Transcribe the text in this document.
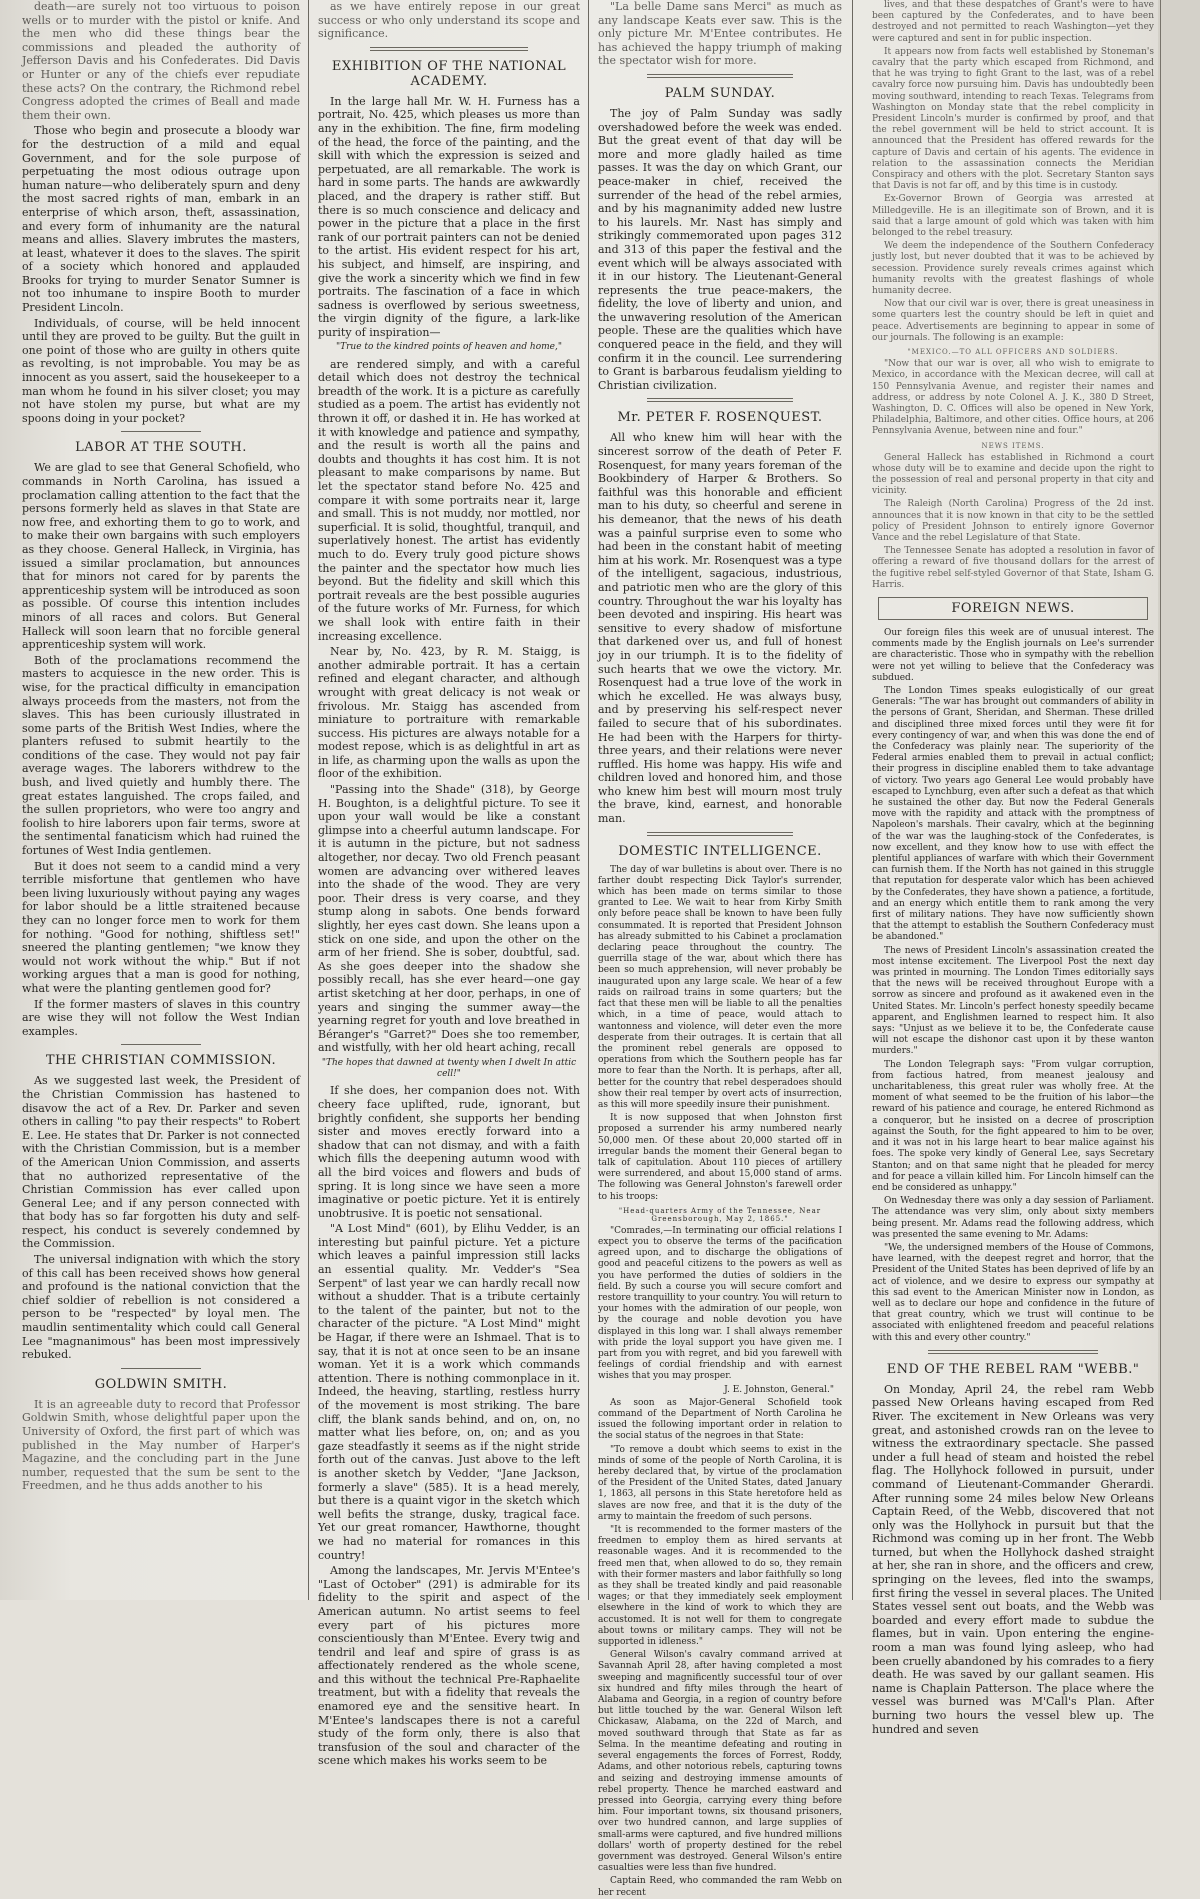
death—are surely not too virtuous to poison wells or to murder with the pistol or knife. And the men who did these things bear the commissions and pleaded the authority of Jefferson Davis and his Confederates. Did Davis or Hunter or any of the chiefs ever repudiate these acts? On the contrary, the Richmond rebel Congress adopted the crimes of Beall and made them their own.

Those who begin and prosecute a bloody war for the destruction of a mild and equal Government, and for the sole purpose of perpetuating the most odious outrage upon human nature—who deliberately spurn and deny the most sacred rights of man, embark in an enterprise of which arson, theft, assassination, and every form of inhumanity are the natural means and allies. Slavery imbrutes the masters, at least, whatever it does to the slaves. The spirit of a society which honored and applauded Brooks for trying to murder Senator Sumner is not too inhumane to inspire Booth to murder President Lincoln.

Individuals, of course, will be held innocent until they are proved to be guilty. But the guilt in one point of those who are guilty in others quite as revolting, is not improbable. You may be as innocent as you assert, said the housekeeper to a man whom he found in his silver closet; you may not have stolen my purse, but what are my spoons doing in your pocket?

LABOR AT THE SOUTH.

We are glad to see that General Schofield, who commands in North Carolina, has issued a proclamation calling attention to the fact that the persons formerly held as slaves in that State are now free, and exhorting them to go to work, and to make their own bargains with such employers as they choose. General Halleck, in Virginia, has issued a similar proclamation, but announces that for minors not cared for by parents the apprenticeship system will be introduced as soon as possible. Of course this intention includes minors of all races and colors. But General Halleck will soon learn that no forcible general apprenticeship system will work.

Both of the proclamations recommend the masters to acquiesce in the new order. This is wise, for the practical difficulty in emancipation always proceeds from the masters, not from the slaves. This has been curiously illustrated in some parts of the British West Indies, where the planters refused to submit heartily to the conditions of the case. They would not pay fair average wages. The laborers withdrew to the bush, and lived quietly and humbly there. The great estates languished. The crops failed, and the sullen proprietors, who were too angry and foolish to hire laborers upon fair terms, swore at the sentimental fanaticism which had ruined the fortunes of West India gentlemen.

But it does not seem to a candid mind a very terrible misfortune that gentlemen who have been living luxuriously without paying any wages for labor should be a little straitened because they can no longer force men to work for them for nothing. "Good for nothing, shiftless set!" sneered the planting gentlemen; "we know they would not work without the whip." But if not working argues that a man is good for nothing, what were the planting gentlemen good for?

If the former masters of slaves in this country are wise they will not follow the West Indian examples.

THE CHRISTIAN COMMISSION.

As we suggested last week, the President of the Christian Commission has hastened to disavow the act of a Rev. Dr. Parker and seven others in calling "to pay their respects" to Robert E. Lee. He states that Dr. Parker is not connected with the Christian Commission, but is a member of the American Union Commission, and asserts that no authorized representative of the Christian Commission has ever called upon General Lee; and if any person connected with that body has so far forgotten his duty and self-respect, his conduct is severely condemned by the Commission.

The universal indignation with which the story of this call has been received shows how general and profound is the national conviction that the chief soldier of rebellion is not considered a person to be "respected" by loyal men. The maudlin sentimentality which could call General Lee "magnanimous" has been most impressively rebuked.

GOLDWIN SMITH.

It is an agreeable duty to record that Professor Goldwin Smith, whose delightful paper upon the University of Oxford, the first part of which was published in the May number of Harper's Magazine, and the concluding part in the June number, requested that the sum be sent to the Freedmen, and he thus adds another to his

as we have entirely repose in our great success or who only understand its scope and significance.

EXHIBITION OF THE NATIONAL ACADEMY.

In the large hall Mr. W. H. Furness has a portrait, No. 425, which pleases us more than any in the exhibition. The fine, firm modeling of the head, the force of the painting, and the skill with which the expression is seized and perpetuated, are all remarkable. The work is hard in some parts. The hands are awkwardly placed, and the drapery is rather stiff. But there is so much conscience and delicacy and power in the picture that a place in the first rank of our portrait painters can not be denied to the artist. His evident respect for his art, his subject, and himself, are inspiring, and give the work a sincerity which we find in few portraits. The fascination of a face in which sadness is overflowed by serious sweetness, the virgin dignity of the figure, a lark-like purity of inspiration—

"True to the kindred points of heaven and home,"

are rendered simply, and with a careful detail which does not destroy the technical breadth of the work. It is a picture as carefully studied as a poem. The artist has evidently not thrown it off, or dashed it in. He has worked at it with knowledge and patience and sympathy, and the result is worth all the pains and doubts and thoughts it has cost him. It is not pleasant to make comparisons by name. But let the spectator stand before No. 425 and compare it with some portraits near it, large and small. This is not muddy, nor mottled, nor superficial. It is solid, thoughtful, tranquil, and superlatively honest. The artist has evidently much to do. Every truly good picture shows the painter and the spectator how much lies beyond. But the fidelity and skill which this portrait reveals are the best possible auguries of the future works of Mr. Furness, for which we shall look with entire faith in their increasing excellence.

Near by, No. 423, by R. M. Staigg, is another admirable portrait. It has a certain refined and elegant character, and although wrought with great delicacy is not weak or frivolous. Mr. Staigg has ascended from miniature to portraiture with remarkable success. His pictures are always notable for a modest repose, which is as delightful in art as in life, as charming upon the walls as upon the floor of the exhibition.

"Passing into the Shade" (318), by George H. Boughton, is a delightful picture. To see it upon your wall would be like a constant glimpse into a cheerful autumn landscape. For it is autumn in the picture, but not sadness altogether, nor decay. Two old French peasant women are advancing over withered leaves into the shade of the wood. They are very poor. Their dress is very coarse, and they stump along in sabots. One bends forward slightly, her eyes cast down. She leans upon a stick on one side, and upon the other on the arm of her friend. She is sober, doubtful, sad. As she goes deeper into the shadow she possibly recall, has she ever heard—one gay artist sketching at her door, perhaps, in one of years and singing the summer away—the yearning regret for youth and love breathed in Béranger's "Garret?" Does she too remember, and wistfully, with her old heart aching, recall

"The hopes that dawned at twenty when I dwelt In attic cell!"

If she does, her companion does not. With cheery face uplifted, rude, ignorant, but brightly confident, she supports her bending sister and moves erectly forward into a shadow that can not dismay, and with a faith which fills the deepening autumn wood with all the bird voices and flowers and buds of spring. It is long since we have seen a more imaginative or poetic picture. Yet it is entirely unobtrusive. It is poetic not sensational.

"A Lost Mind" (601), by Elihu Vedder, is an interesting but painful picture. Yet a picture which leaves a painful impression still lacks an essential quality. Mr. Vedder's "Sea Serpent" of last year we can hardly recall now without a shudder. That is a tribute certainly to the talent of the painter, but not to the character of the picture. "A Lost Mind" might be Hagar, if there were an Ishmael. That is to say, that it is not at once seen to be an insane woman. Yet it is a work which commands attention. There is nothing commonplace in it. Indeed, the heaving, startling, restless hurry of the movement is most striking. The bare cliff, the blank sands behind, and on, on, no matter what lies before, on, on; and as you gaze steadfastly it seems as if the night stride forth out of the canvas. Just above to the left is another sketch by Vedder, "Jane Jackson, formerly a slave" (585). It is a head merely, but there is a quaint vigor in the sketch which well befits the strange, dusky, tragical face. Yet our great romancer, Hawthorne, thought we had no material for romances in this country!

Among the landscapes, Mr. Jervis M'Entee's "Last of October" (291) is admirable for its fidelity to the spirit and aspect of the American autumn. No artist seems to feel every part of his pictures more conscientiously than M'Entee. Every twig and tendril and leaf and spire of grass is as affectionately rendered as the whole scene, and this without the technical Pre-Raphaelite treatment, but with a fidelity that reveals the enamored eye and the sensitive heart. In M'Entee's landscapes there is not a careful study of the form only, there is also that transfusion of the soul and character of the scene which makes his works seem to be

"La belle Dame sans Merci" as much as any landscape Keats ever saw. This is the only picture Mr. M'Entee contributes. He has achieved the happy triumph of making the spectator wish for more.

PALM SUNDAY.

The joy of Palm Sunday was sadly overshadowed before the week was ended. But the great event of that day will be more and more gladly hailed as time passes. It was the day on which Grant, our peace-maker in chief, received the surrender of the head of the rebel armies, and by his magnanimity added new lustre to his laurels. Mr. Nast has simply and strikingly commemorated upon pages 312 and 313 of this paper the festival and the event which will be always associated with it in our history. The Lieutenant-General represents the true peace-makers, the fidelity, the love of liberty and union, and the unwavering resolution of the American people. These are the qualities which have conquered peace in the field, and they will confirm it in the council. Lee surrendering to Grant is barbarous feudalism yielding to Christian civilization.

Mr. PETER F. ROSENQUEST.

All who knew him will hear with the sincerest sorrow of the death of Peter F. Rosenquest, for many years foreman of the Bookbindery of Harper & Brothers. So faithful was this honorable and efficient man to his duty, so cheerful and serene in his demeanor, that the news of his death was a painful surprise even to some who had been in the constant habit of meeting him at his work. Mr. Rosenquest was a type of the intelligent, sagacious, industrious, and patriotic men who are the glory of this country. Throughout the war his loyalty has been devoted and inspiring. His heart was sensitive to every shadow of misfortune that darkened over us, and full of honest joy in our triumph. It is to the fidelity of such hearts that we owe the victory. Mr. Rosenquest had a true love of the work in which he excelled. He was always busy, and by preserving his self-respect never failed to secure that of his subordinates. He had been with the Harpers for thirty-three years, and their relations were never ruffled. His home was happy. His wife and children loved and honored him, and those who knew him best will mourn most truly the brave, kind, earnest, and honorable man.

DOMESTIC INTELLIGENCE.

The day of war bulletins is about over. There is no farther doubt respecting Dick Taylor's surrender, which has been made on terms similar to those granted to Lee. We wait to hear from Kirby Smith only before peace shall be known to have been fully consummated. It is reported that President Johnson has already submitted to his Cabinet a proclamation declaring peace throughout the country. The guerrilla stage of the war, about which there has been so much apprehension, will never probably be inaugurated upon any large scale. We hear of a few raids on railroad trains in some quarters; but the fact that these men will be liable to all the penalties which, in a time of peace, would attach to wantonness and violence, will deter even the more desperate from their outrages. It is certain that all the prominent rebel generals are opposed to operations from which the Southern people has far more to fear than the North. It is perhaps, after all, better for the country that rebel desperadoes should show their real temper by overt acts of insurrection, as this will more speedily insure their punishment.

It is now supposed that when Johnston first proposed a surrender his army numbered nearly 50,000 men. Of these about 20,000 started off in irregular bands the moment their General began to talk of capitulation. About 110 pieces of artillery were surrendered, and about 15,000 stand of arms. The following was General Johnston's farewell order to his troops:

"Head-quarters Army of the Tennessee, Near Greensborough, May 2, 1865."

"Comrades,—In terminating our official relations I expect you to observe the terms of the pacification agreed upon, and to discharge the obligations of good and peaceful citizens to the powers as well as you have performed the duties of soldiers in the field. By such a course you will secure comfort and restore tranquillity to your country. You will return to your homes with the admiration of our people, won by the courage and noble devotion you have displayed in this long war. I shall always remember with pride the loyal support you have given me. I part from you with regret, and bid you farewell with feelings of cordial friendship and with earnest wishes that you may prosper.

J. E. Johnston, General."

As soon as Major-General Schofield took command of the Department of North Carolina he issued the following important order in relation to the social status of the negroes in that State:

"To remove a doubt which seems to exist in the minds of some of the people of North Carolina, it is hereby declared that, by virtue of the proclamation of the President of the United States, dated January 1, 1863, all persons in this State heretofore held as slaves are now free, and that it is the duty of the army to maintain the freedom of such persons.

"It is recommended to the former masters of the freedmen to employ them as hired servants at reasonable wages. And it is recommended to the freed men that, when allowed to do so, they remain with their former masters and labor faithfully so long as they shall be treated kindly and paid reasonable wages; or that they immediately seek employment elsewhere in the kind of work to which they are accustomed. It is not well for them to congregate about towns or military camps. They will not be supported in idleness."

General Wilson's cavalry command arrived at Savannah April 28, after having completed a most sweeping and magnificently successful tour of over six hundred and fifty miles through the heart of Alabama and Georgia, in a region of country before but little touched by the war. General Wilson left Chickasaw, Alabama, on the 22d of March, and moved southward through that State as far as Selma. In the meantime defeating and routing in several engagements the forces of Forrest, Roddy, Adams, and other notorious rebels, capturing towns and seizing and destroying immense amounts of rebel property. Thence he marched eastward and pressed into Georgia, carrying every thing before him. Four important towns, six thousand prisoners, over two hundred cannon, and large supplies of small-arms were captured, and five hundred millions dollars' worth of property destined for the rebel government was destroyed. General Wilson's entire casualties were less than five hundred.

Captain Reed, who commanded the ram Webb on her recent

lives, and that these despatches of Grant's were to have been captured by the Confederates, and to have been destroyed and not permitted to reach Washington—yet they were captured and sent in for public inspection.

It appears now from facts well established by Stoneman's cavalry that the party which escaped from Richmond, and that he was trying to fight Grant to the last, was of a rebel cavalry force now pursuing him. Davis has undoubtedly been moving southward, intending to reach Texas. Telegrams from Washington on Monday state that the rebel complicity in President Lincoln's murder is confirmed by proof, and that the rebel government will be held to strict account. It is announced that the President has offered rewards for the capture of Davis and certain of his agents. The evidence in relation to the assassination connects the Meridian Conspiracy and others with the plot. Secretary Stanton says that Davis is not far off, and by this time is in custody.

Ex-Governor Brown of Georgia was arrested at Milledgeville. He is an illegitimate son of Brown, and it is said that a large amount of gold which was taken with him belonged to the rebel treasury.

We deem the independence of the Southern Confederacy justly lost, but never doubted that it was to be achieved by secession. Providence surely reveals crimes against which humanity revolts with the greatest flashings of whole humanity decree.

Now that our civil war is over, there is great uneasiness in some quarters lest the country should be left in quiet and peace. Advertisements are beginning to appear in some of our journals. The following is an example:

"MEXICO.—TO ALL OFFICERS AND SOLDIERS.

"Now that our war is over, all who wish to emigrate to Mexico, in accordance with the Mexican decree, will call at 150 Pennsylvania Avenue, and register their names and address, or address by note Colonel A. J. K., 380 D Street, Washington, D. C. Offices will also be opened in New York, Philadelphia, Baltimore, and other cities. Office hours, at 206 Pennsylvania Avenue, between nine and four."

NEWS ITEMS.

General Halleck has established in Richmond a court whose duty will be to examine and decide upon the right to the possession of real and personal property in that city and vicinity.

The Raleigh (North Carolina) Progress of the 2d inst. announces that it is now known in that city to be the settled policy of President Johnson to entirely ignore Governor Vance and the rebel Legislature of that State.

The Tennessee Senate has adopted a resolution in favor of offering a reward of five thousand dollars for the arrest of the fugitive rebel self-styled Governor of that State, Isham G. Harris.

FOREIGN NEWS.

Our foreign files this week are of unusual interest. The comments made by the English journals on Lee's surrender are characteristic. Those who in sympathy with the rebellion were not yet willing to believe that the Confederacy was subdued.

The London Times speaks eulogistically of our great Generals: "The war has brought out commanders of ability in the persons of Grant, Sheridan, and Sherman. These drilled and disciplined three mixed forces until they were fit for every contingency of war, and when this was done the end of the Confederacy was plainly near. The superiority of the Federal armies enabled them to prevail in actual conflict; their progress in discipline enabled them to take advantage of victory. Two years ago General Lee would probably have escaped to Lynchburg, even after such a defeat as that which he sustained the other day. But now the Federal Generals move with the rapidity and attack with the promptness of Napoleon's marshals. Their cavalry, which at the beginning of the war was the laughing-stock of the Confederates, is now excellent, and they know how to use with effect the plentiful appliances of warfare with which their Government can furnish them. If the North has not gained in this struggle that reputation for desperate valor which has been achieved by the Confederates, they have shown a patience, a fortitude, and an energy which entitle them to rank among the very first of military nations. They have now sufficiently shown that the attempt to establish the Southern Confederacy must be abandoned."

The news of President Lincoln's assassination created the most intense excitement. The Liverpool Post the next day was printed in mourning. The London Times editorially says that the news will be received throughout Europe with a sorrow as sincere and profound as it awakened even in the United States. Mr. Lincoln's perfect honesty speedily became apparent, and Englishmen learned to respect him. It also says: "Unjust as we believe it to be, the Confederate cause will not escape the dishonor cast upon it by these wanton murders."

The London Telegraph says: "From vulgar corruption, from factious hatred, from meanest jealousy and uncharitableness, this great ruler was wholly free. At the moment of what seemed to be the fruition of his labor—the reward of his patience and courage, he entered Richmond as a conqueror, but he insisted on a decree of proscription against the South, for the fight appeared to him to be over, and it was not in his large heart to bear malice against his foes. The spoke very kindly of General Lee, says Secretary Stanton; and on that same night that he pleaded for mercy and for peace a villain killed him. For Lincoln himself can the end be considered as unhappy."

On Wednesday there was only a day session of Parliament. The attendance was very slim, only about sixty members being present. Mr. Adams read the following address, which was presented the same evening to Mr. Adams:

"We, the undersigned members of the House of Commons, have learned, with the deepest regret and horror, that the President of the United States has been deprived of life by an act of violence, and we desire to express our sympathy at this sad event to the American Minister now in London, as well as to declare our hope and confidence in the future of that great country, which we trust will continue to be associated with enlightened freedom and peaceful relations with this and every other country."

END OF THE REBEL RAM "WEBB."

On Monday, April 24, the rebel ram Webb passed New Orleans having escaped from Red River. The excitement in New Orleans was very great, and astonished crowds ran on the levee to witness the extraordinary spectacle. She passed under a full head of steam and hoisted the rebel flag. The Hollyhock followed in pursuit, under command of Lieutenant-Commander Gherardi. After running some 24 miles below New Orleans Captain Reed, of the Webb, discovered that not only was the Hollyhock in pursuit but that the Richmond was coming up in her front. The Webb turned, but when the Hollyhock dashed straight at her, she ran in shore, and the officers and crew, springing on the levees, fled into the swamps, first firing the vessel in several places. The United States vessel sent out boats, and the Webb was boarded and every effort made to subdue the flames, but in vain. Upon entering the engine-room a man was found lying asleep, who had been cruelly abandoned by his comrades to a fiery death. He was saved by our gallant seamen. His name is Chaplain Patterson. The place where the vessel was burned was M'Call's Plan. After burning two hours the vessel blew up. The hundred and seven
